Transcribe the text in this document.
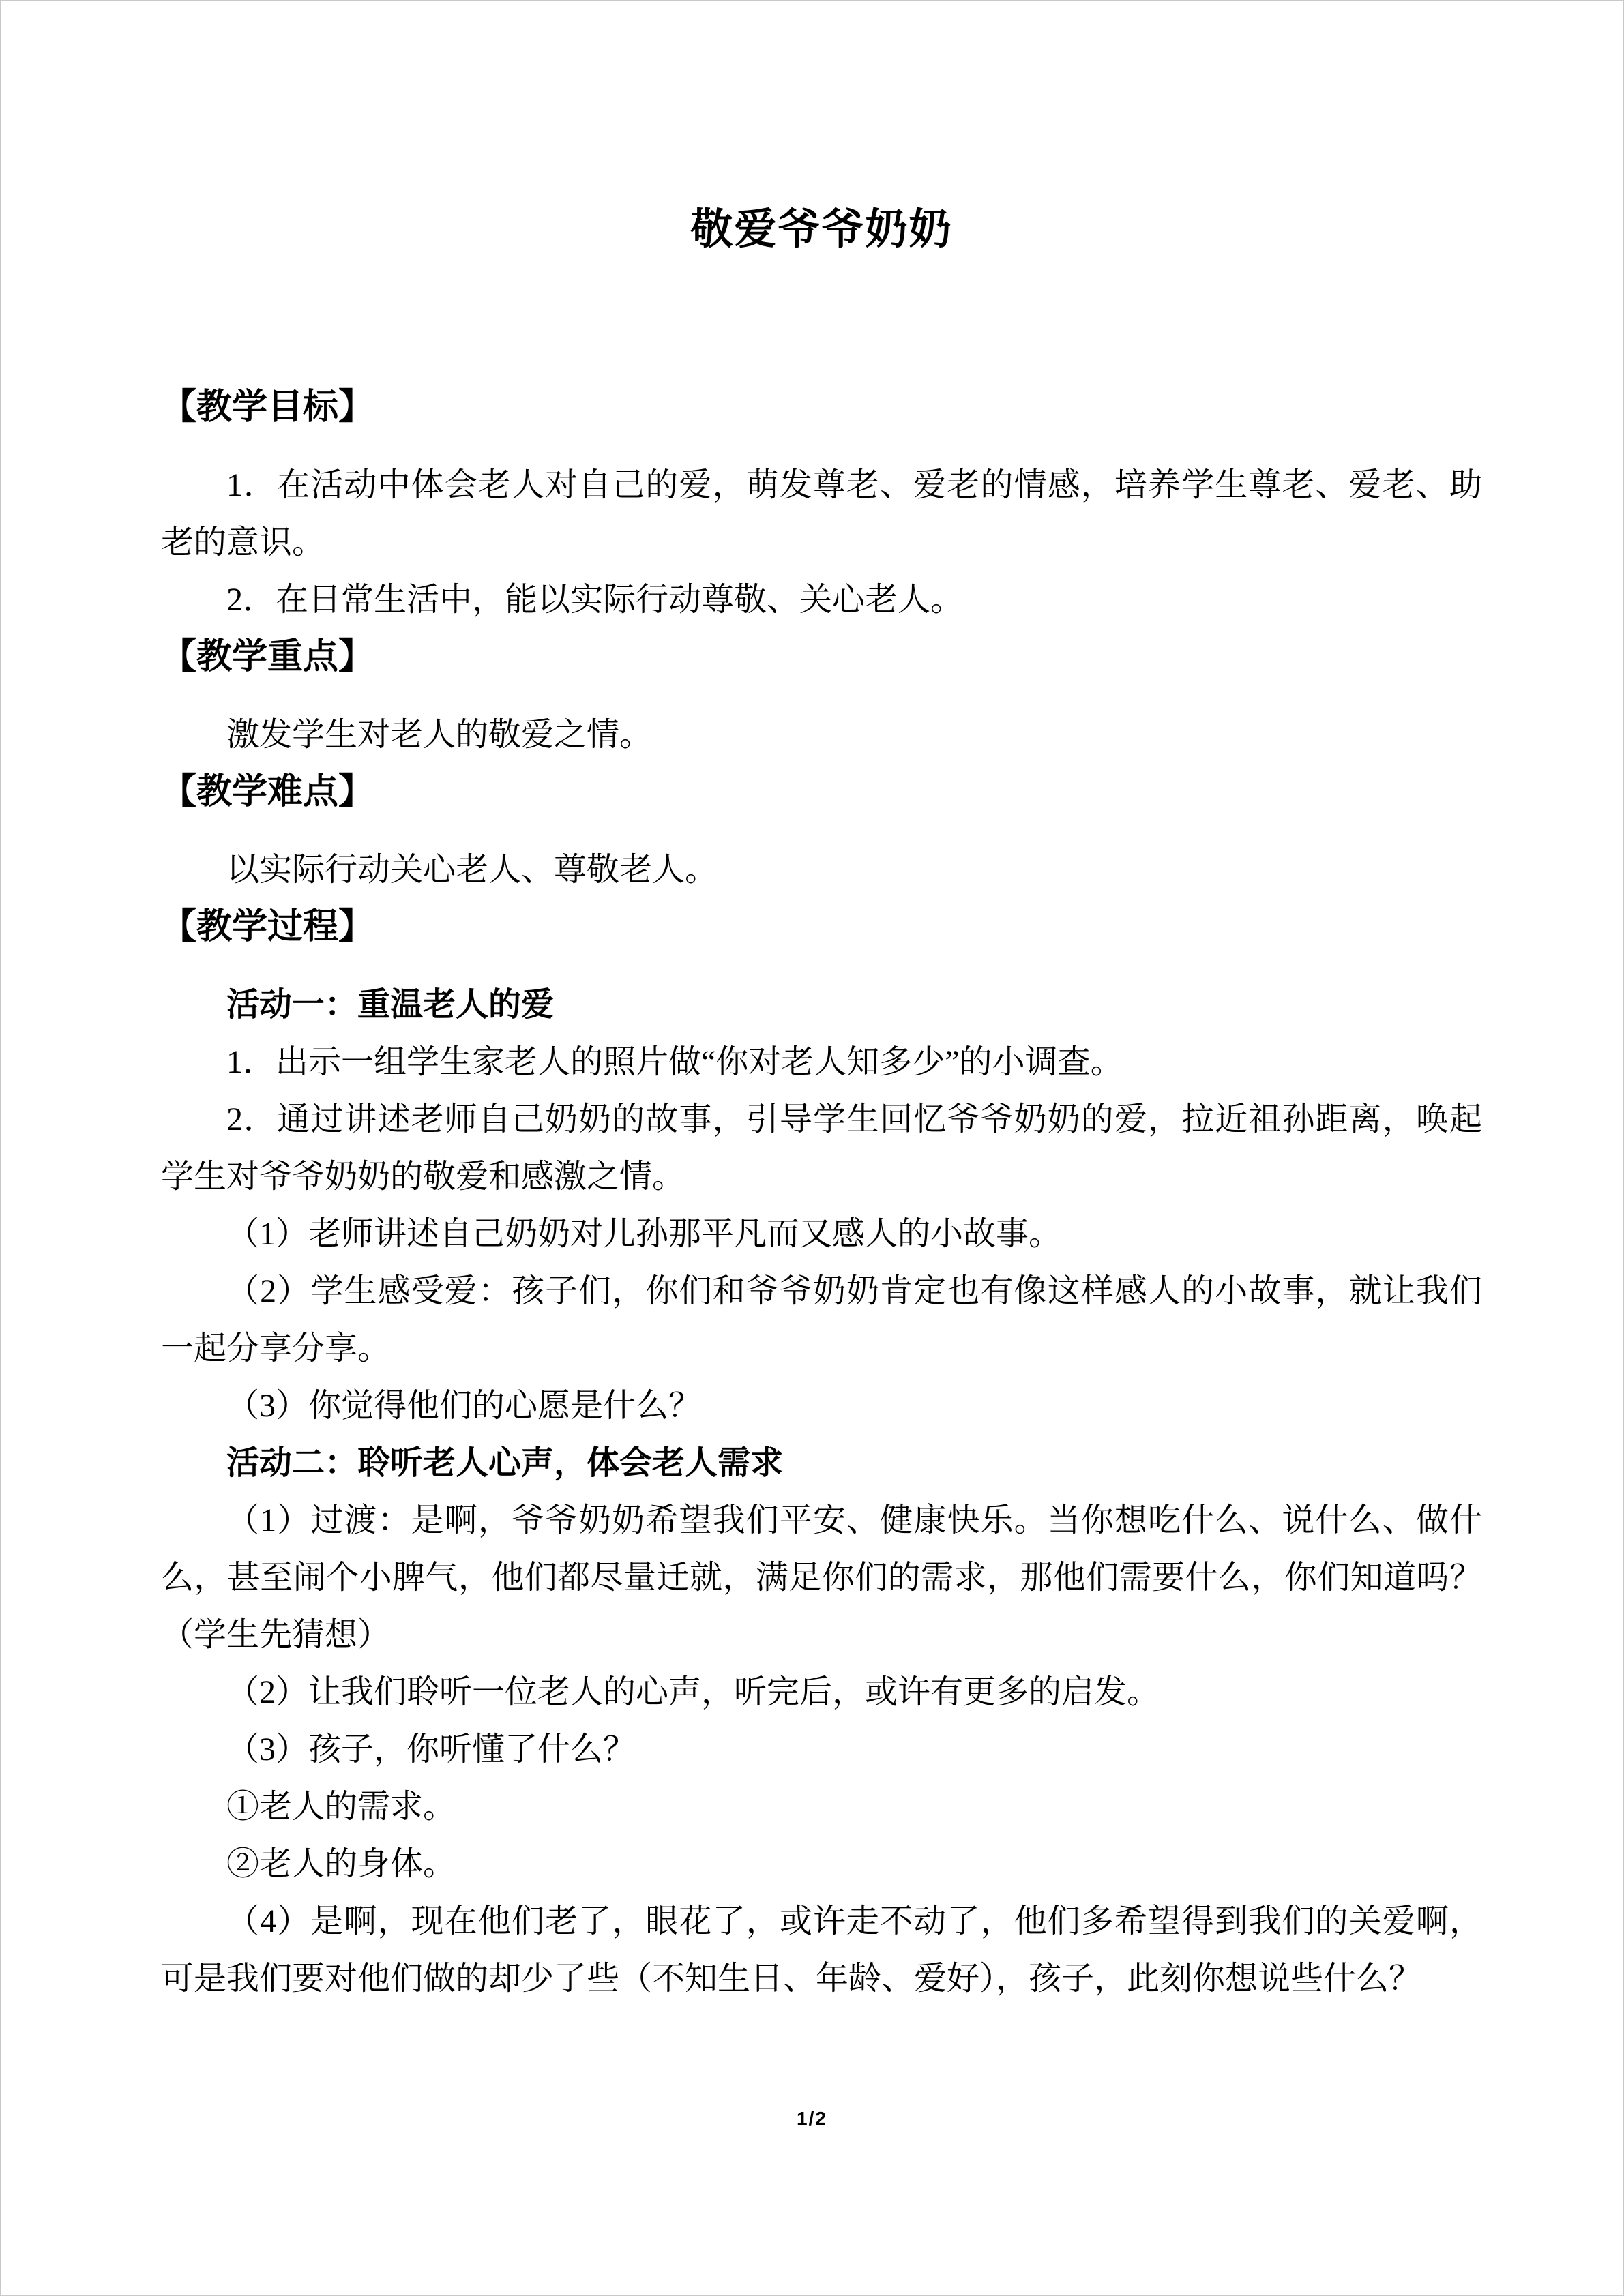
敬爱爷爷奶奶

【教学目标】

1．在活动中体会老人对自己的爱，萌发尊老、爱老的情感，培养学生尊老、爱老、助老的意识。

2．在日常生活中，能以实际行动尊敬、关心老人。

【教学重点】

激发学生对老人的敬爱之情。

【教学难点】

以实际行动关心老人、尊敬老人。

【教学过程】

活动一：重温老人的爱

1．出示一组学生家老人的照片做“你对老人知多少”的小调查。

2．通过讲述老师自己奶奶的故事，引导学生回忆爷爷奶奶的爱，拉近祖孙距离，唤起学生对爷爷奶奶的敬爱和感激之情。

（1）老师讲述自己奶奶对儿孙那平凡而又感人的小故事。

（2）学生感受爱：孩子们，你们和爷爷奶奶肯定也有像这样感人的小故事，就让我们一起分享分享。

（3）你觉得他们的心愿是什么？

活动二：聆听老人心声，体会老人需求

（1）过渡：是啊，爷爷奶奶希望我们平安、健康快乐。当你想吃什么、说什么、做什么，甚至闹个小脾气，他们都尽量迁就，满足你们的需求，那他们需要什么，你们知道吗？（学生先猜想）

（2）让我们聆听一位老人的心声，听完后，或许有更多的启发。

（3）孩子，你听懂了什么？

①老人的需求。

②老人的身体。

（4）是啊，现在他们老了，眼花了，或许走不动了，他们多希望得到我们的关爱啊，可是我们要对他们做的却少了些（不知生日、年龄、爱好），孩子，此刻你想说些什么？

1/2
